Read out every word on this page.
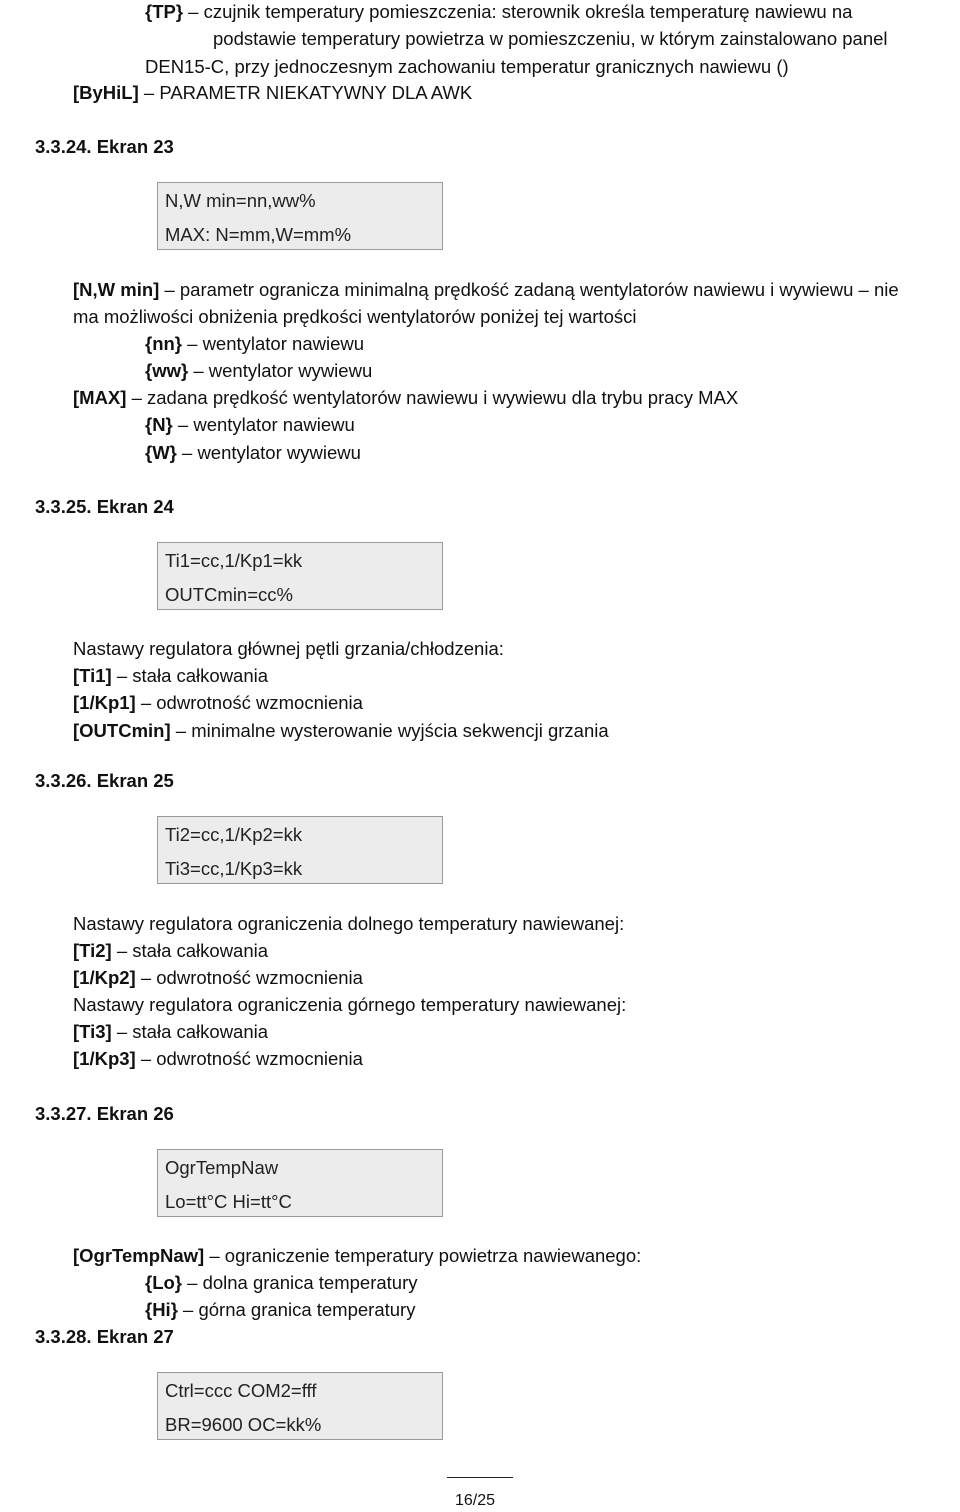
{TP} – czujnik temperatury pomieszczenia: sterownik określa temperaturę nawiewu na
podstawie temperatury powietrza w pomieszczeniu, w którym zainstalowano panel
DEN15-C, przy jednoczesnym zachowaniu temperatur granicznych nawiewu ()
[ByHiL] – PARAMETR NIEKATYWNY DLA AWK
3.3.24. Ekran 23
N,W min=nn,ww%
MAX: N=mm,W=mm%
[N,W min] – parametr ogranicza minimalną prędkość zadaną wentylatorów nawiewu i wywiewu – nie
ma możliwości obniżenia prędkości wentylatorów poniżej tej wartości
{nn} – wentylator nawiewu
{ww} – wentylator wywiewu
[MAX] – zadana prędkość wentylatorów nawiewu i wywiewu dla trybu pracy MAX
{N} – wentylator nawiewu
{W} – wentylator wywiewu
3.3.25. Ekran 24
Ti1=cc,1/Kp1=kk
OUTCmin=cc%
Nastawy regulatora głównej pętli grzania/chłodzenia:
[Ti1] – stała całkowania
[1/Kp1] – odwrotność wzmocnienia
[OUTCmin] – minimalne wysterowanie wyjścia sekwencji grzania
3.3.26. Ekran 25
Ti2=cc,1/Kp2=kk
Ti3=cc,1/Kp3=kk
Nastawy regulatora ograniczenia dolnego temperatury nawiewanej:
[Ti2] – stała całkowania
[1/Kp2] – odwrotność wzmocnienia
Nastawy regulatora ograniczenia górnego temperatury nawiewanej:
[Ti3] – stała całkowania
[1/Kp3] – odwrotność wzmocnienia
3.3.27. Ekran 26
OgrTempNaw
Lo=tt°C Hi=tt°C
[OgrTempNaw] – ograniczenie temperatury powietrza nawiewanego:
{Lo} – dolna granica temperatury
{Hi} – górna granica temperatury
3.3.28. Ekran 27
Ctrl=ccc COM2=fff
BR=9600 OC=kk%
16/25
